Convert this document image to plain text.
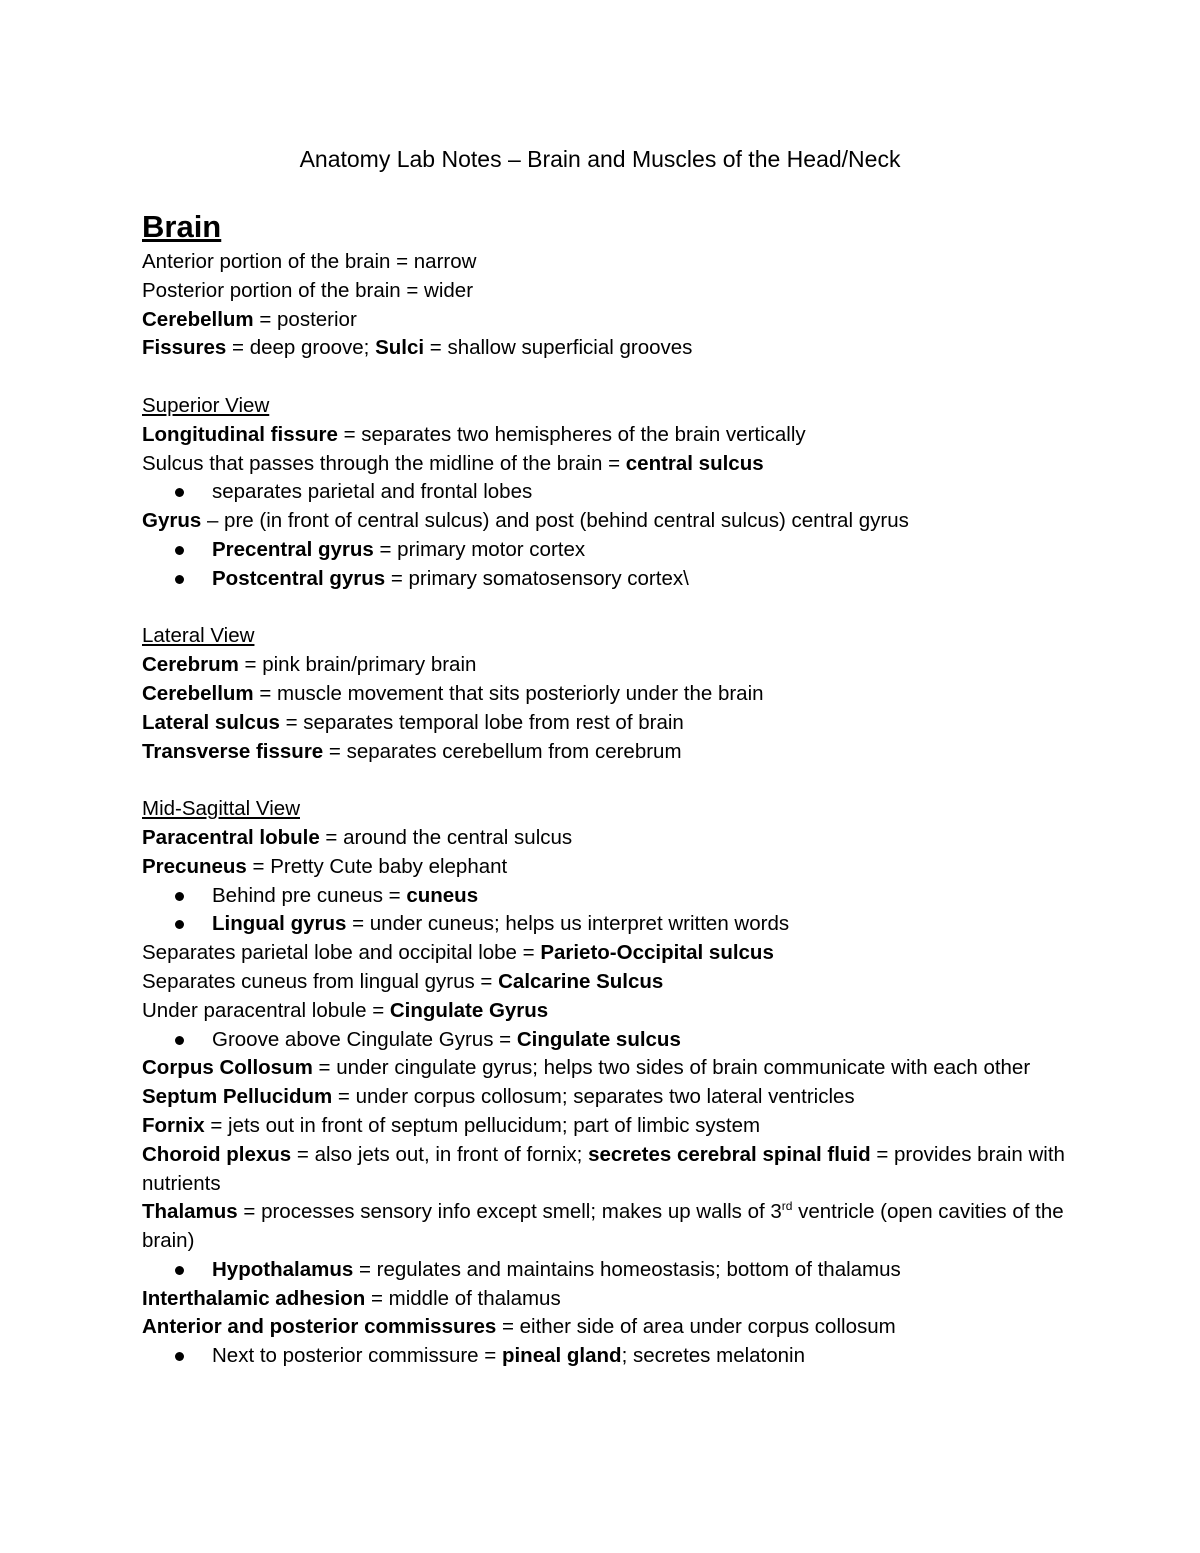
Anatomy Lab Notes – Brain and Muscles of the Head/Neck
Brain
Anterior portion of the brain = narrow
Posterior portion of the brain = wider
Cerebellum = posterior
Fissures = deep groove; Sulci = shallow superficial grooves
Superior View
Longitudinal fissure = separates two hemispheres of the brain vertically
Sulcus that passes through the midline of the brain = central sulcus
separates parietal and frontal lobes
Gyrus – pre (in front of central sulcus) and post (behind central sulcus) central gyrus
Precentral gyrus = primary motor cortex
Postcentral gyrus = primary somatosensory cortex\
Lateral View
Cerebrum = pink brain/primary brain
Cerebellum = muscle movement that sits posteriorly under the brain
Lateral sulcus = separates temporal lobe from rest of brain
Transverse fissure = separates cerebellum from cerebrum
Mid-Sagittal View
Paracentral lobule = around the central sulcus
Precuneus = Pretty Cute baby elephant
Behind pre cuneus = cuneus
Lingual gyrus = under cuneus; helps us interpret written words
Separates parietal lobe and occipital lobe = Parieto-Occipital sulcus
Separates cuneus from lingual gyrus = Calcarine Sulcus
Under paracentral lobule = Cingulate Gyrus
Groove above Cingulate Gyrus = Cingulate sulcus
Corpus Collosum = under cingulate gyrus; helps two sides of brain communicate with each other
Septum Pellucidum = under corpus collosum; separates two lateral ventricles
Fornix = jets out in front of septum pellucidum; part of limbic system
Choroid plexus = also jets out, in front of fornix; secretes cerebral spinal fluid = provides brain with nutrients
Thalamus = processes sensory info except smell; makes up walls of 3rd ventricle (open cavities of the brain)
Hypothalamus = regulates and maintains homeostasis; bottom of thalamus
Interthalamic adhesion = middle of thalamus
Anterior and posterior commissures = either side of area under corpus collosum
Next to posterior commissure = pineal gland; secretes melatonin
